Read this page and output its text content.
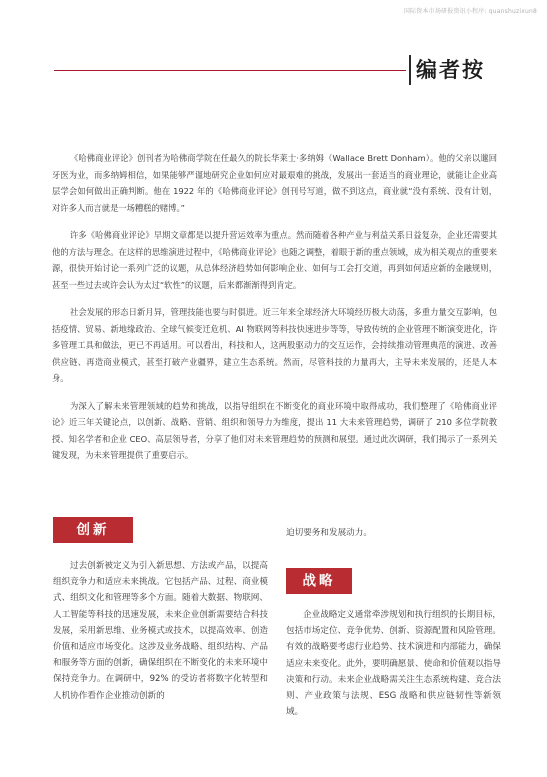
国际资本市场研报资讯小程序: quanshuzixun8
编者按

《哈佛商业评论》创刊者为哈佛商学院在任最久的院长华莱士·多纳姆（Wallace Brett Donham）。他的父亲以邋回牙医为业，而多纳姆相信，如果能够严谨地研究企业如何应对最艰难的挑战，发展出一套适当的商业理论，就能让企业高层学会如何做出正确判断。他在 1922 年的《哈佛商业评论》创刊号写道，做不到这点，商业就“没有系统、没有计划，对许多人而言就是一场糟糕的赌博。”

许多《哈佛商业评论》早期文章都是以提升营运效率为重点。然而随着各种产业与利益关系日益复杂，企业还需要其他的方法与理念。在这样的思维演进过程中，《哈佛商业评论》也随之调整，着眼于新的重点领域，成为相关观点的重要来源，很快开始讨论一系列广泛的议题，从总体经济趋势如何影响企业、如何与工会打交道，再到如何适应新的金融规则，甚至一些过去或许会认为太过“软性”的议题，后来都渐渐得到肯定。

社会发展的形态日新月异，管理技能也要与时俱进。近三年来全球经济大环境经历极大动荡，多重力量交互影响，包括疫情、贸易、新地缘政治、全球气候变迁危机、AI 物联网等科技快速进步等等，导致传统的企业管理不断演变进化，许多管理工具和做法，更已不再适用。可以看出，科技和人，这两股驱动力的交互运作，会持续推动管理典范的演进、改善供应链、再造商业模式，甚至打破产业疆界，建立生态系统。然而，尽管科技的力量再大，主导未来发展的，还是人本身。

为深入了解未来管理领域的趋势和挑战，以指导组织在不断变化的商业环境中取得成功，我们整理了《哈佛商业评论》近三年关键论点，以创新、战略、营销、组织和领导力为维度，提出 11 大未来管理趋势，调研了 210 多位学院教授、知名学者和企业 CEO、高层领导者，分享了他们对未来管理趋势的预测和展望。通过此次调研，我们揭示了一系列关键发现，为未来管理提供了重要启示。

创新

过去创新被定义为引入新思想、方法或产品，以提高组织竞争力和适应未来挑战。它包括产品、过程、商业模式、组织文化和管理等多个方面。随着大数据、物联网、人工智能等科技的迅速发展，未来企业创新需要结合科技发展，采用新思维、业务模式或技术，以提高效率、创造价值和适应市场变化。这涉及业务战略、组织结构、产品和服务等方面的创新，确保组织在不断变化的未来环境中保持竞争力。在调研中，92% 的受访者将数字化转型和人机协作看作企业推动创新的

迫切要务和发展动力。

战略

企业战略定义通常牵涉规划和执行组织的长期目标，包括市场定位、竞争优势、创新、资源配置和风险管理。有效的战略要考虑行业趋势、技术演进和内部能力，确保适应未来变化。此外，要明确愿景、使命和价值观以指导决策和行动。未来企业战略需关注生态系统构建、竞合法则、产业政策与法规、ESG 战略和供应链韧性等新领域。
